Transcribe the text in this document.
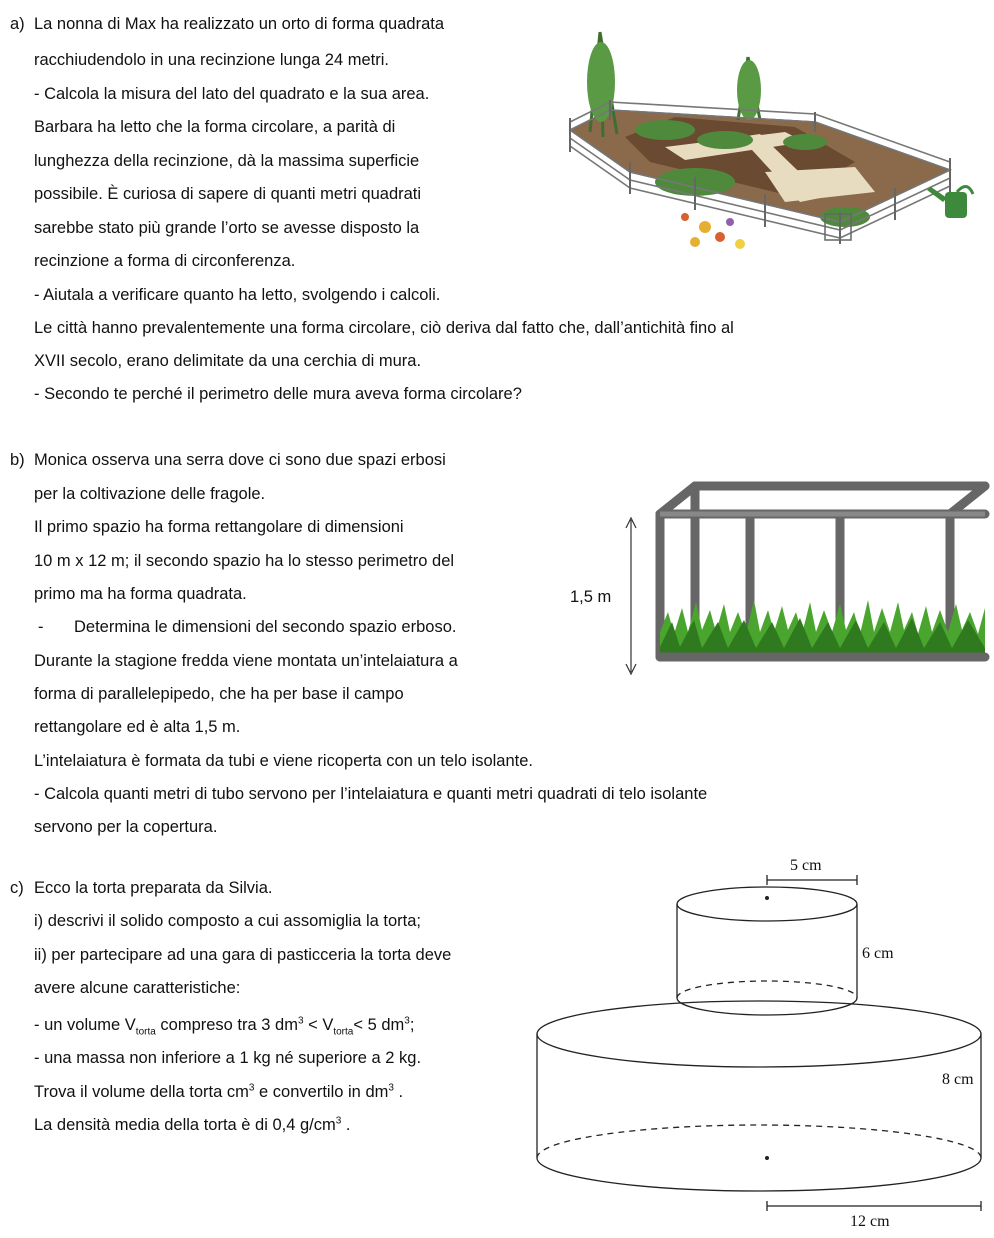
a) La nonna di Max ha realizzato un orto di forma quadrata
racchiudendolo in una recinzione lunga 24 metri.
- Calcola la misura del lato del quadrato e la sua area.
Barbara ha letto che la forma circolare, a parità di
lunghezza della recinzione, dà la massima superficie
possibile. È curiosa di sapere di quanti metri quadrati
sarebbe stato più grande l’orto se avesse disposto la
recinzione a forma di circonferenza.
- Aiutala a verificare quanto ha letto, svolgendo i calcoli.
Le città hanno prevalentemente una forma circolare, ciò deriva dal fatto che, dall’antichità fino al
XVII secolo, erano delimitate da una cerchia di mura.
- Secondo te perché il perimetro delle mura aveva forma circolare?
b) Monica osserva una serra dove ci sono due spazi erbosi
per la coltivazione delle fragole.
Il primo spazio ha forma rettangolare di dimensioni
10 m x 12 m; il secondo spazio ha lo stesso perimetro del
primo ma ha forma quadrata.
- Determina le dimensioni del secondo spazio erboso.
Durante la stagione fredda viene montata un’intelaiatura a
forma di parallelepipedo, che ha per base il campo
rettangolare ed è alta 1,5 m.
L’intelaiatura è formata da tubi e viene ricoperta con un telo isolante.
- Calcola quanti metri di tubo servono per l’intelaiatura e quanti metri quadrati di telo isolante
servono per la copertura.
1,5 m
c) Ecco la torta preparata da Silvia.
i) descrivi il solido composto a cui assomiglia la torta;
ii) per partecipare ad una gara di pasticceria la torta deve
avere alcune caratteristiche:
- un volume $V_{torta}$ compreso tra 3 $dm^3 < V_{torta}< 5$ $dm^3$;
- una massa non inferiore a 1 kg né superiore a 2 kg.
Trova il volume della torta $cm^3$ e convertilo in $dm^3$ .
La densità media della torta è di 0,4 $g/cm^3$ .
5 cm
6 cm
8 cm
12 cm
